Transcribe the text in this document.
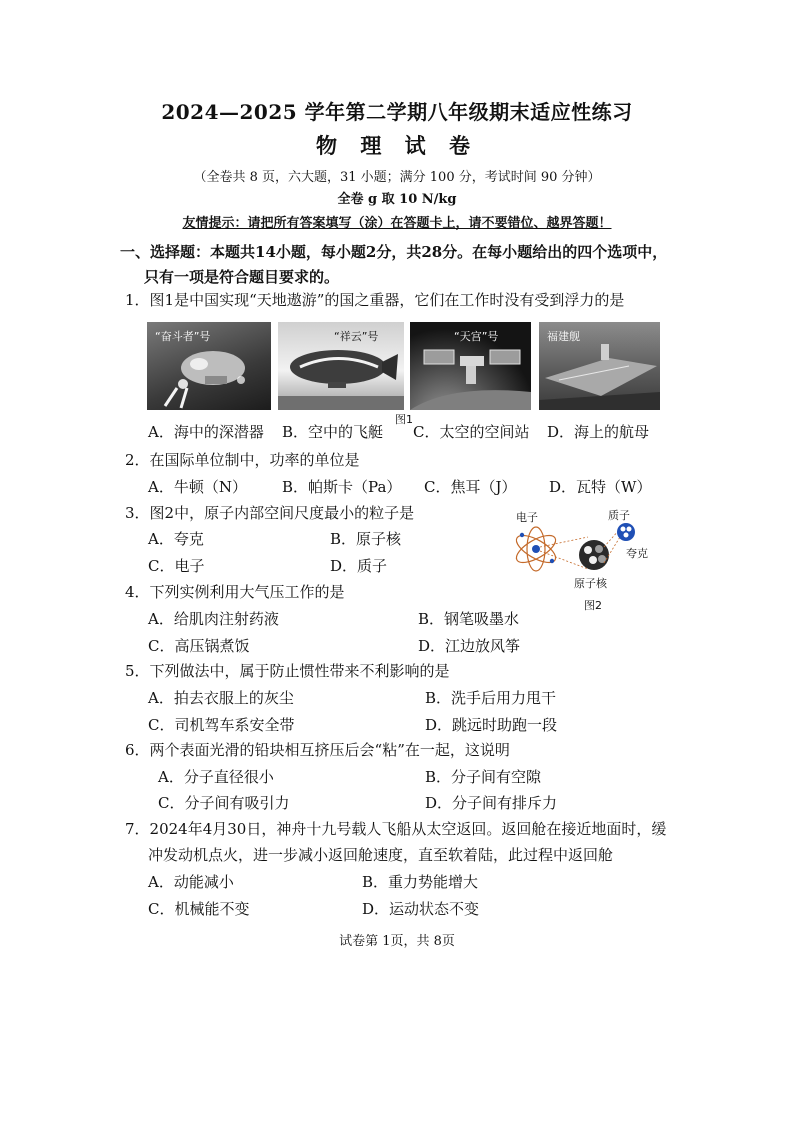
2024—2025 学年第二学期八年级期末适应性练习
物 理 试 卷
（全卷共 8 页，六大题，31 小题；满分 100 分，考试时间 90 分钟）
全卷 g 取 10 N/kg
友情提示：请把所有答案填写（涂）在答题卡上，请不要错位、越界答题！
一、选择题：本题共14小题，每小题2分，共28分。在每小题给出的四个选项中，
只有一项是符合题目要求的。
1．图1是中国实现“天地遨游”的国之重器，它们在工作时没有受到浮力的是
“奋斗者”号	“祥云”号	“天宫”号	福建舰
图1
A．海中的深潜器 B．空中的飞艇 C．太空的空间站 D．海上的航母
2．在国际单位制中，功率的单位是
A．牛顿（N） B．帕斯卡（Pa） C．焦耳（J） D．瓦特（W）
3．图2中，原子内部空间尺度最小的粒子是
A．夸克	B．原子核
C．电子	D．质子
电子	质子
夸克
原子核
图2
4．下列实例利用大气压工作的是
A．给肌肉注射药液	B．钢笔吸墨水
C．高压锅煮饭	D．江边放风筝
5．下列做法中，属于防止惯性带来不利影响的是
A．拍去衣服上的灰尘	B．洗手后用力甩干
C．司机驾车系安全带	D．跳远时助跑一段
6．两个表面光滑的铅块相互挤压后会“粘”在一起，这说明
A．分子直径很小	B．分子间有空隙
C．分子间有吸引力	D．分子间有排斥力
7．2024年4月30日，神舟十九号载人飞船从太空返回。返回舱在接近地面时，缓
冲发动机点火，进一步减小返回舱速度，直至软着陆，此过程中返回舱
A．动能减小	B．重力势能增大
C．机械能不变	D．运动状态不变
试卷第 1页，共 8页
